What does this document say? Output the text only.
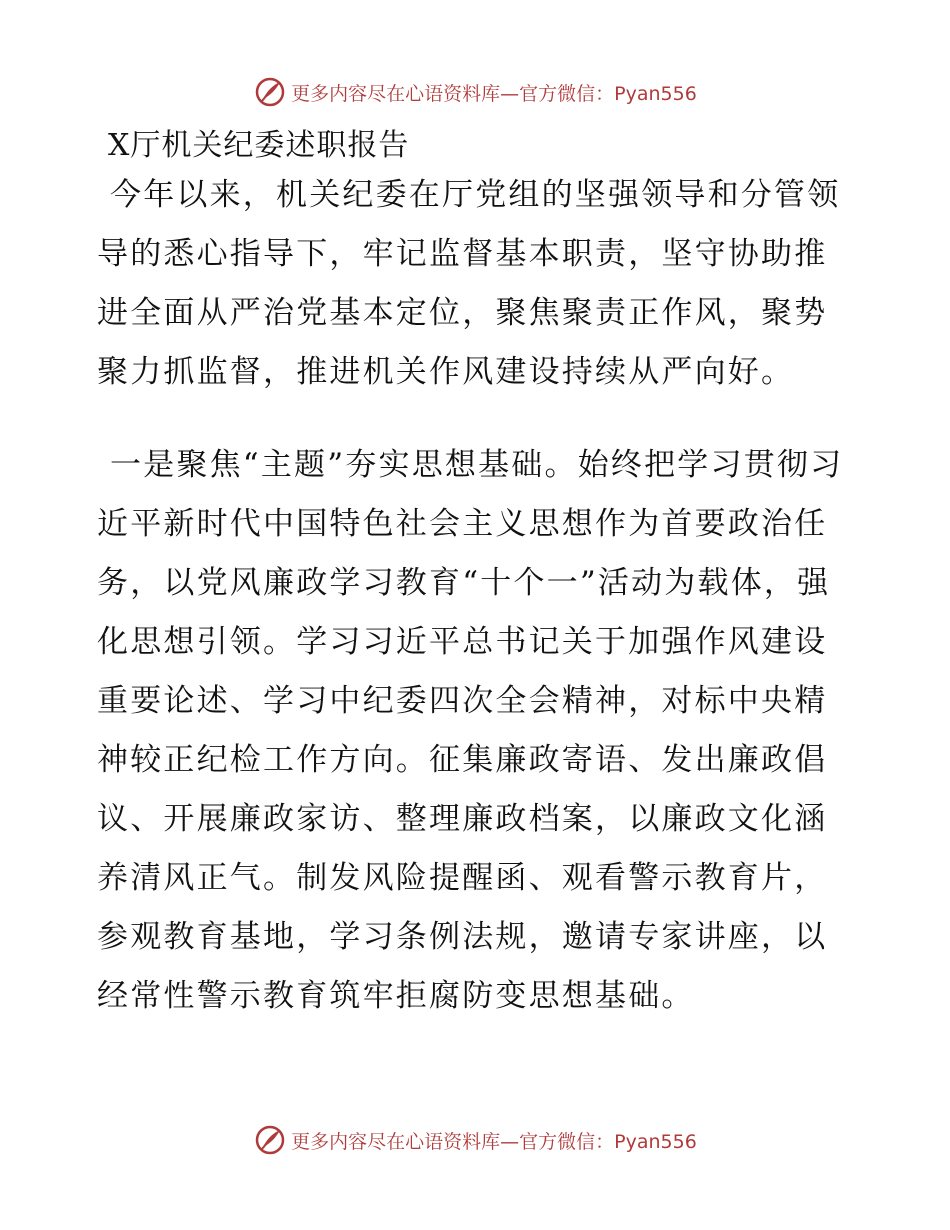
更多内容尽在心语资料库—官方微信：Pyan556
X厅机关纪委述职报告

今年以来，机关纪委在厅党组的坚强领导和分管领导的悉心指导下，牢记监督基本职责，坚守协助推进全面从严治党基本定位，聚焦聚责正作风，聚势聚力抓监督，推进机关作风建设持续从严向好。

一是聚焦“主题”夯实思想基础。始终把学习贯彻习近平新时代中国特色社会主义思想作为首要政治任务，以党风廉政学习教育“十个一”活动为载体，强化思想引领。学习习近平总书记关于加强作风建设重要论述、学习中纪委四次全会精神，对标中央精神较正纪检工作方向。征集廉政寄语、发出廉政倡议、开展廉政家访、整理廉政档案，以廉政文化涵养清风正气。制发风险提醒函、观看警示教育片，参观教育基地，学习条例法规，邀请专家讲座，以经常性警示教育筑牢拒腐防变思想基础。

更多内容尽在心语资料库—官方微信：Pyan556
